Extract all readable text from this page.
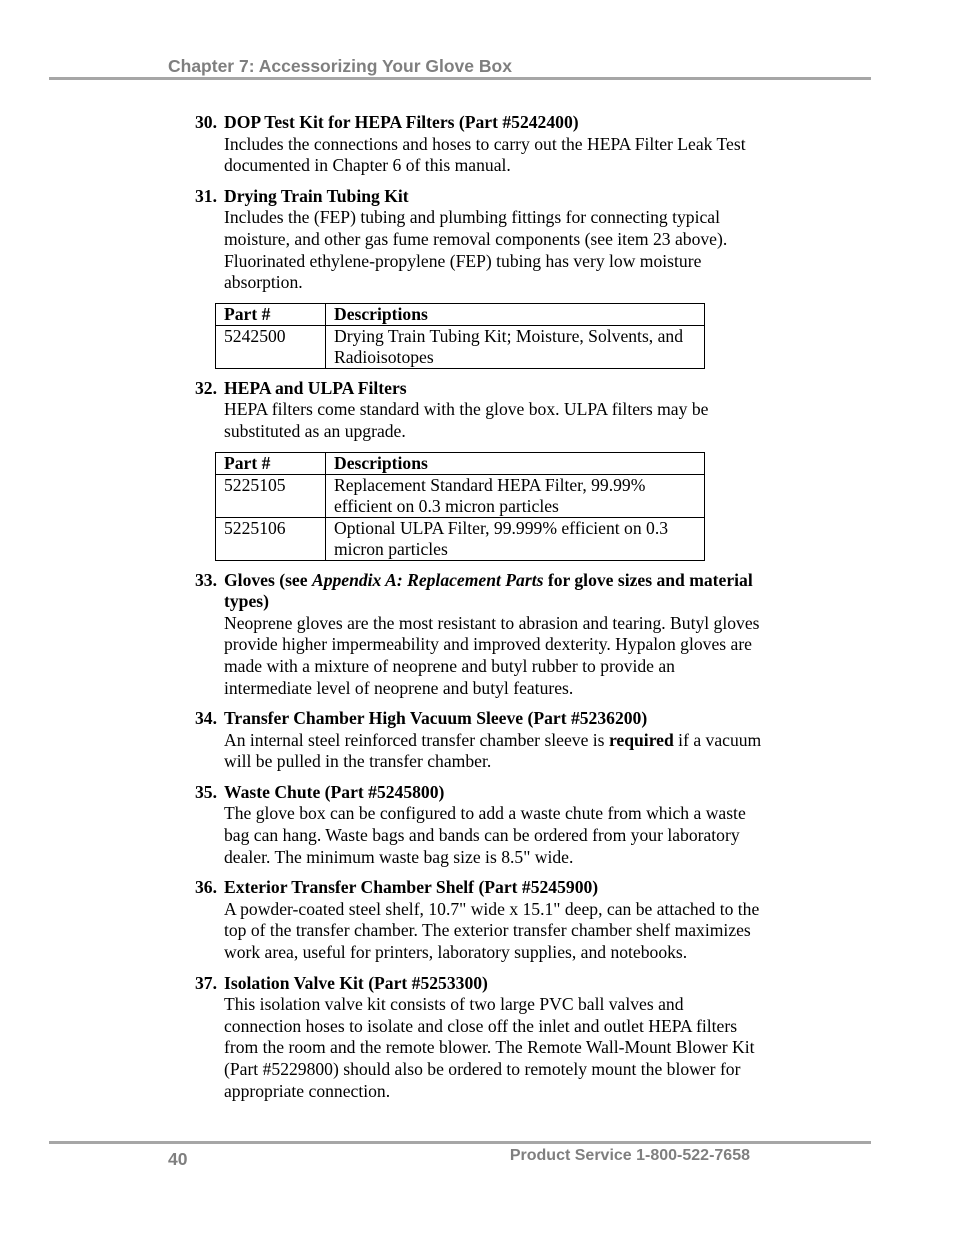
Chapter 7: Accessorizing Your Glove Box
30. DOP Test Kit for HEPA Filters (Part #5242400)
Includes the connections and hoses to carry out the HEPA Filter Leak Test documented in Chapter 6 of this manual.
31. Drying Train Tubing Kit
Includes the (FEP) tubing and plumbing fittings for connecting typical moisture, and other gas fume removal components (see item 23 above). Fluorinated ethylene-propylene (FEP) tubing has very low moisture absorption.
Part #	Descriptions
5242500	Drying Train Tubing Kit; Moisture, Solvents, and Radioisotopes
32. HEPA and ULPA Filters
HEPA filters come standard with the glove box. ULPA filters may be substituted as an upgrade.
Part #	Descriptions
5225105	Replacement Standard HEPA Filter, 99.99% efficient on 0.3 micron particles
5225106	Optional ULPA Filter, 99.999% efficient on 0.3 micron particles
33. Gloves (see Appendix A: Replacement Parts for glove sizes and material types)
Neoprene gloves are the most resistant to abrasion and tearing. Butyl gloves provide higher impermeability and improved dexterity. Hypalon gloves are made with a mixture of neoprene and butyl rubber to provide an intermediate level of neoprene and butyl features.
34. Transfer Chamber High Vacuum Sleeve (Part #5236200)
An internal steel reinforced transfer chamber sleeve is required if a vacuum will be pulled in the transfer chamber.
35. Waste Chute (Part #5245800)
The glove box can be configured to add a waste chute from which a waste bag can hang. Waste bags and bands can be ordered from your laboratory dealer. The minimum waste bag size is 8.5" wide.
36. Exterior Transfer Chamber Shelf (Part #5245900)
A powder-coated steel shelf, 10.7" wide x 15.1" deep, can be attached to the top of the transfer chamber. The exterior transfer chamber shelf maximizes work area, useful for printers, laboratory supplies, and notebooks.
37. Isolation Valve Kit (Part #5253300)
This isolation valve kit consists of two large PVC ball valves and connection hoses to isolate and close off the inlet and outlet HEPA filters from the room and the remote blower. The Remote Wall-Mount Blower Kit (Part #5229800) should also be ordered to remotely mount the blower for appropriate connection.
40	Product Service 1-800-522-7658
